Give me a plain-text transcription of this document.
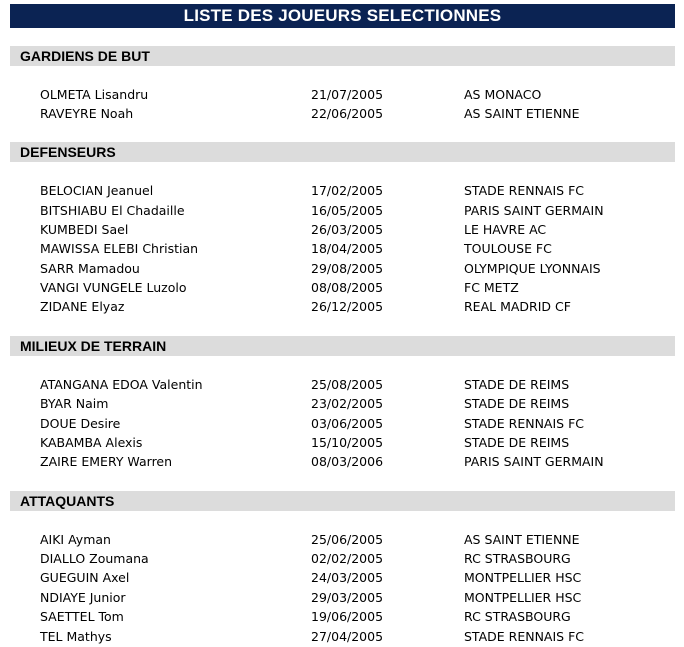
LISTE DES JOUEURS SELECTIONNES
GARDIENS DE BUT
OLMETA Lisandru	21/07/2005	AS MONACO
RAVEYRE Noah	22/06/2005	AS SAINT ETIENNE
DEFENSEURS
BELOCIAN Jeanuel	17/02/2005	STADE RENNAIS FC
BITSHIABU El Chadaille	16/05/2005	PARIS SAINT GERMAIN
KUMBEDI Sael	26/03/2005	LE HAVRE AC
MAWISSA ELEBI Christian	18/04/2005	TOULOUSE FC
SARR Mamadou	29/08/2005	OLYMPIQUE LYONNAIS
VANGI VUNGELE Luzolo	08/08/2005	FC METZ
ZIDANE Elyaz	26/12/2005	REAL MADRID CF
MILIEUX DE TERRAIN
ATANGANA EDOA Valentin	25/08/2005	STADE DE REIMS
BYAR Naim	23/02/2005	STADE DE REIMS
DOUE Desire	03/06/2005	STADE RENNAIS FC
KABAMBA Alexis	15/10/2005	STADE DE REIMS
ZAIRE EMERY Warren	08/03/2006	PARIS SAINT GERMAIN
ATTAQUANTS
AIKI Ayman	25/06/2005	AS SAINT ETIENNE
DIALLO Zoumana	02/02/2005	RC STRASBOURG
GUEGUIN Axel	24/03/2005	MONTPELLIER HSC
NDIAYE Junior	29/03/2005	MONTPELLIER HSC
SAETTEL Tom	19/06/2005	RC STRASBOURG
TEL Mathys	27/04/2005	STADE RENNAIS FC
